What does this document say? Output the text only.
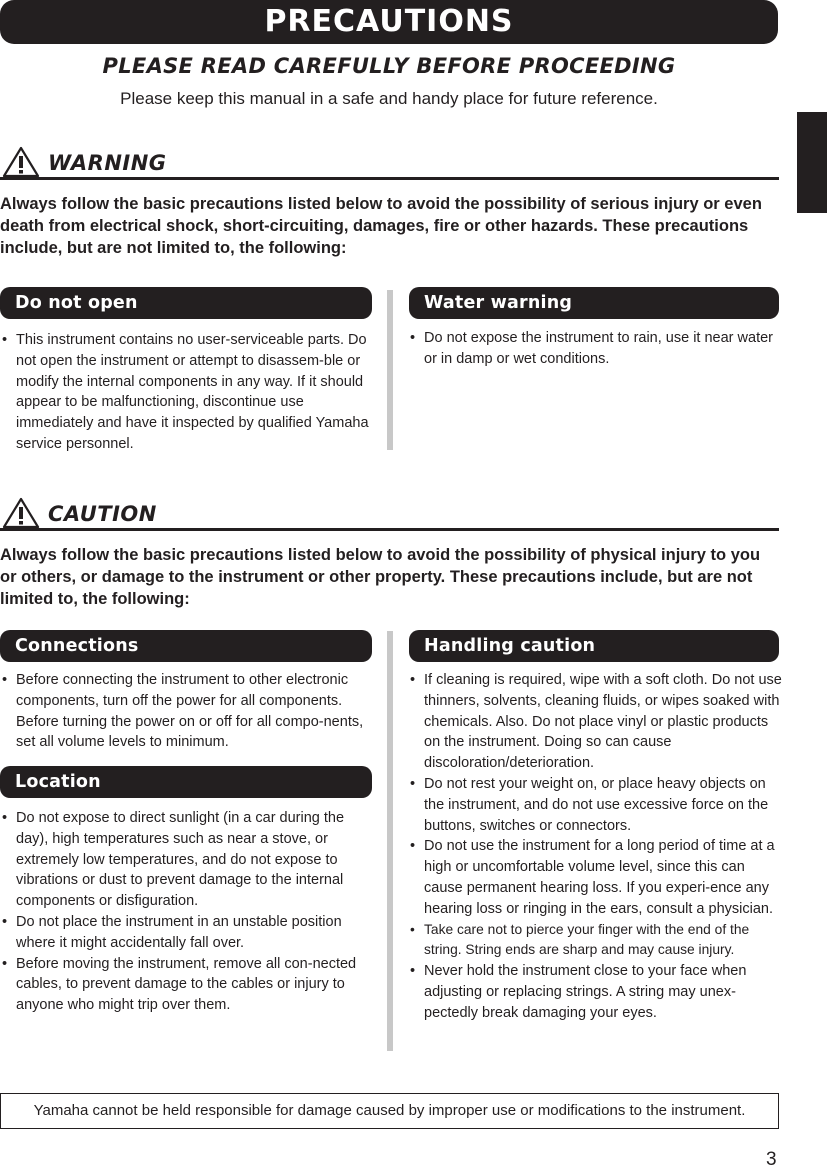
PRECAUTIONS
PLEASE READ CAREFULLY BEFORE PROCEEDING
Please keep this manual in a safe and handy place for future reference.
WARNING
Always follow the basic precautions listed below to avoid the possibility of serious injury or even death from electrical shock, short-circuiting, damages, fire or other hazards. These precautions include, but are not limited to, the following:
Do not open
• This instrument contains no user-serviceable parts. Do not open the instrument or attempt to disassem-ble or modify the internal components in any way. If it should appear to be malfunctioning, discontinue use immediately and have it inspected by qualified Yamaha service personnel.
Water warning
• Do not expose the instrument to rain, use it near water or in damp or wet conditions.
CAUTION
Always follow the basic precautions listed below to avoid the possibility of physical injury to you or others, or damage to the instrument or other property. These precautions include, but are not limited to, the following:
Connections
• Before connecting the instrument to other electronic components, turn off the power for all components. Before turning the power on or off for all compo-nents, set all volume levels to minimum.
Location
• Do not expose to direct sunlight (in a car during the day), high temperatures such as near a stove, or extremely low temperatures, and do not expose to vibrations or dust to prevent damage to the internal components or disfiguration.
• Do not place the instrument in an unstable position where it might accidentally fall over.
• Before moving the instrument, remove all con-nected cables, to prevent damage to the cables or injury to anyone who might trip over them.
Handling caution
• If cleaning is required, wipe with a soft cloth. Do not use thinners, solvents, cleaning fluids, or wipes soaked with chemicals. Also. Do not place vinyl or plastic products on the instrument. Doing so can cause discoloration/deterioration.
• Do not rest your weight on, or place heavy objects on the instrument, and do not use excessive force on the buttons, switches or connectors.
• Do not use the instrument for a long period of time at a high or uncomfortable volume level, since this can cause permanent hearing loss. If you experi-ence any hearing loss or ringing in the ears, consult a physician.
• Take care not to pierce your finger with the end of the string. String ends are sharp and may cause injury.
• Never hold the instrument close to your face when adjusting or replacing strings. A string may unex-pectedly break damaging your eyes.
Yamaha cannot be held responsible for damage caused by improper use or modifications to the instrument.
3
